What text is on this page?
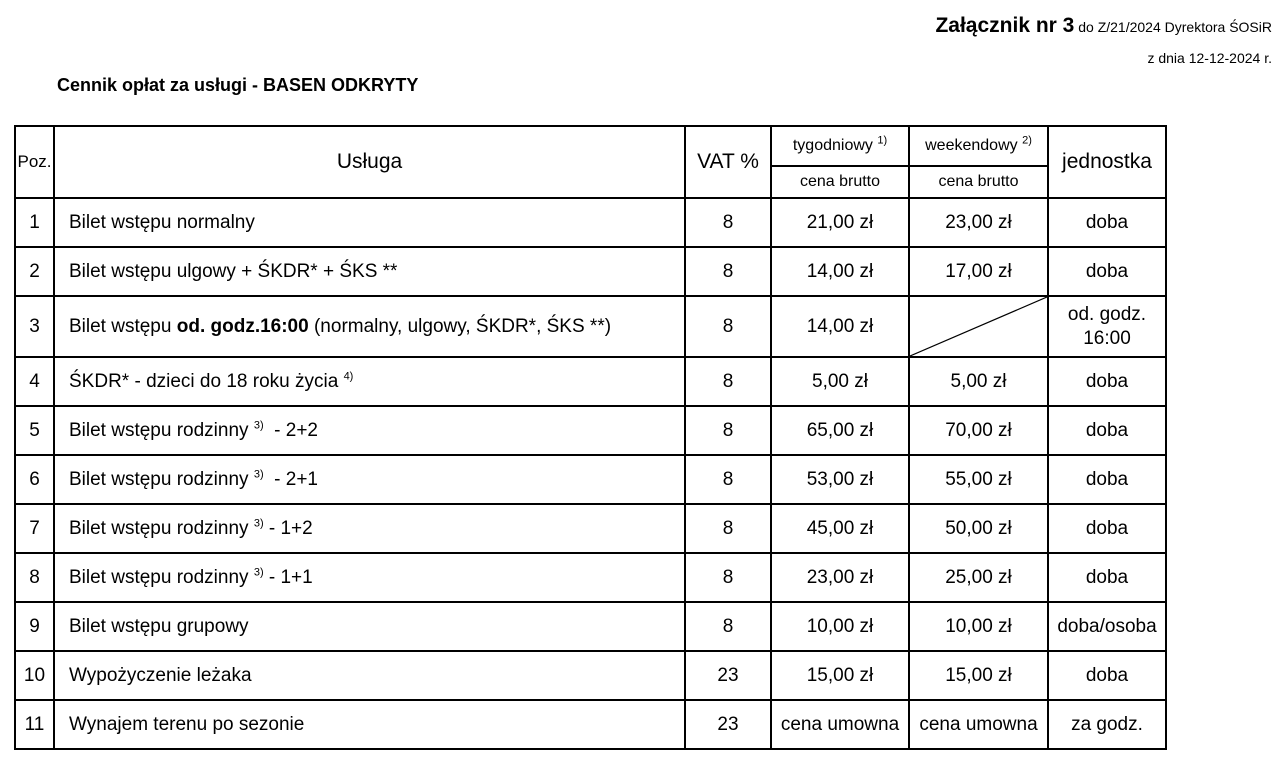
Załącznik nr 3 do Z/21/2024 Dyrektora ŚOSiR
z dnia 12-12-2024 r.
Cennik opłat za usługi - BASEN ODKRYTY
Poz.	Usługa	VAT %	tygodniowy $^{1)}$	weekendowy $^{2)}$	jednostka
			cena brutto	cena brutto	
1	Bilet wstępu normalny	8	21,00 zł	23,00 zł	doba
2	Bilet wstępu ulgowy + ŚKDR* + ŚKS **	8	14,00 zł	17,00 zł	doba
3	Bilet wstępu od. godz.16:00 (normalny, ulgowy, ŚKDR*, ŚKS **)	8	14,00 zł		od. godz.
16:00
4	ŚKDR* - dzieci do 18 roku życia $^{4)}$	8	5,00 zł	5,00 zł	doba
5	Bilet wstępu rodzinny $^{3)}$  - 2+2	8	65,00 zł	70,00 zł	doba
6	Bilet wstępu rodzinny $^{3)}$  - 2+1	8	53,00 zł	55,00 zł	doba
7	Bilet wstępu rodzinny $^{3)}$ - 1+2	8	45,00 zł	50,00 zł	doba
8	Bilet wstępu rodzinny $^{3)}$ - 1+1	8	23,00 zł	25,00 zł	doba
9	Bilet wstępu grupowy	8	10,00 zł	10,00 zł	doba/osoba
10	Wypożyczenie leżaka	23	15,00 zł	15,00 zł	doba
11	Wynajem terenu po sezonie	23	cena umowna	cena umowna	za godz.
